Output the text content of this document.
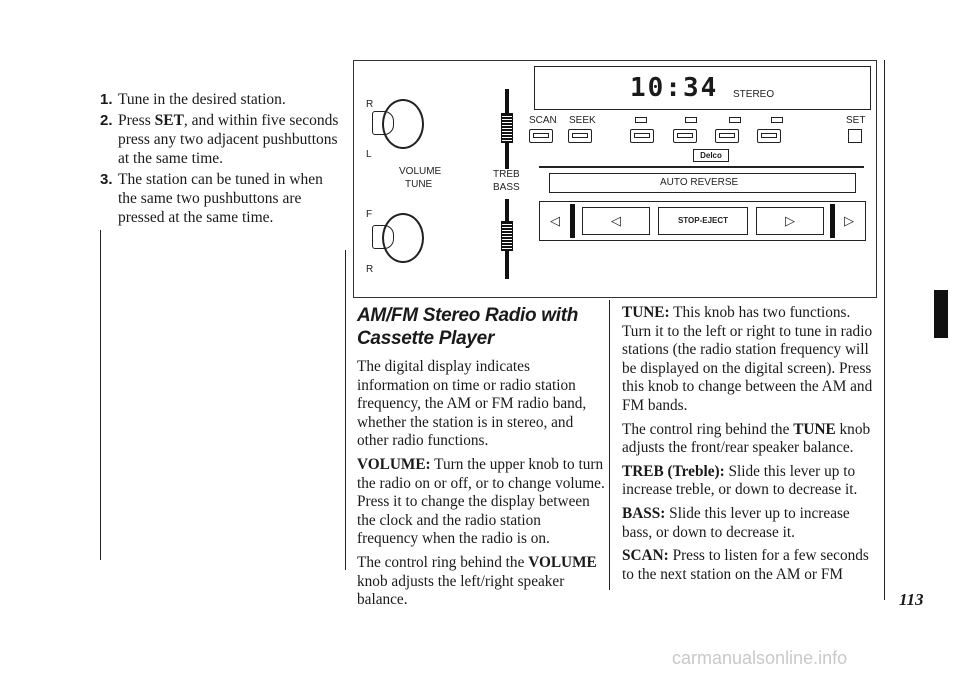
1. Tune in the desired station.
2. Press SET, and within five seconds press any two adjacent pushbuttons at the same time.
3. The station can be tuned in when the same two pushbuttons are pressed at the same time.
R
L
VOLUME
TUNE
F
R
TREB
BASS
10:34 STEREO
SCAN SEEK	SET
Delco
AUTO REVERSE
◁	◁	STOP-EJECT	▷	▷
AM/FM Stereo Radio with
Cassette Player

The digital display indicates information on time or radio station frequency, the AM or FM radio band, whether the station is in stereo, and other radio functions.

VOLUME: Turn the upper knob to turn the radio on or off, or to change volume. Press it to change the display between the clock and the radio station frequency when the radio is on.

The control ring behind the VOLUME knob adjusts the left/right speaker balance.

TUNE: This knob has two functions. Turn it to the left or right to tune in radio stations (the radio station frequency will be displayed on the digital screen). Press this knob to change between the AM and FM bands.

The control ring behind the TUNE knob adjusts the front/rear speaker balance.

TREB (Treble): Slide this lever up to increase treble, or down to decrease it.

BASS: Slide this lever up to increase bass, or down to decrease it.

SCAN: Press to listen for a few seconds to the next station on the AM or FM

113
carmanualsonline.info
